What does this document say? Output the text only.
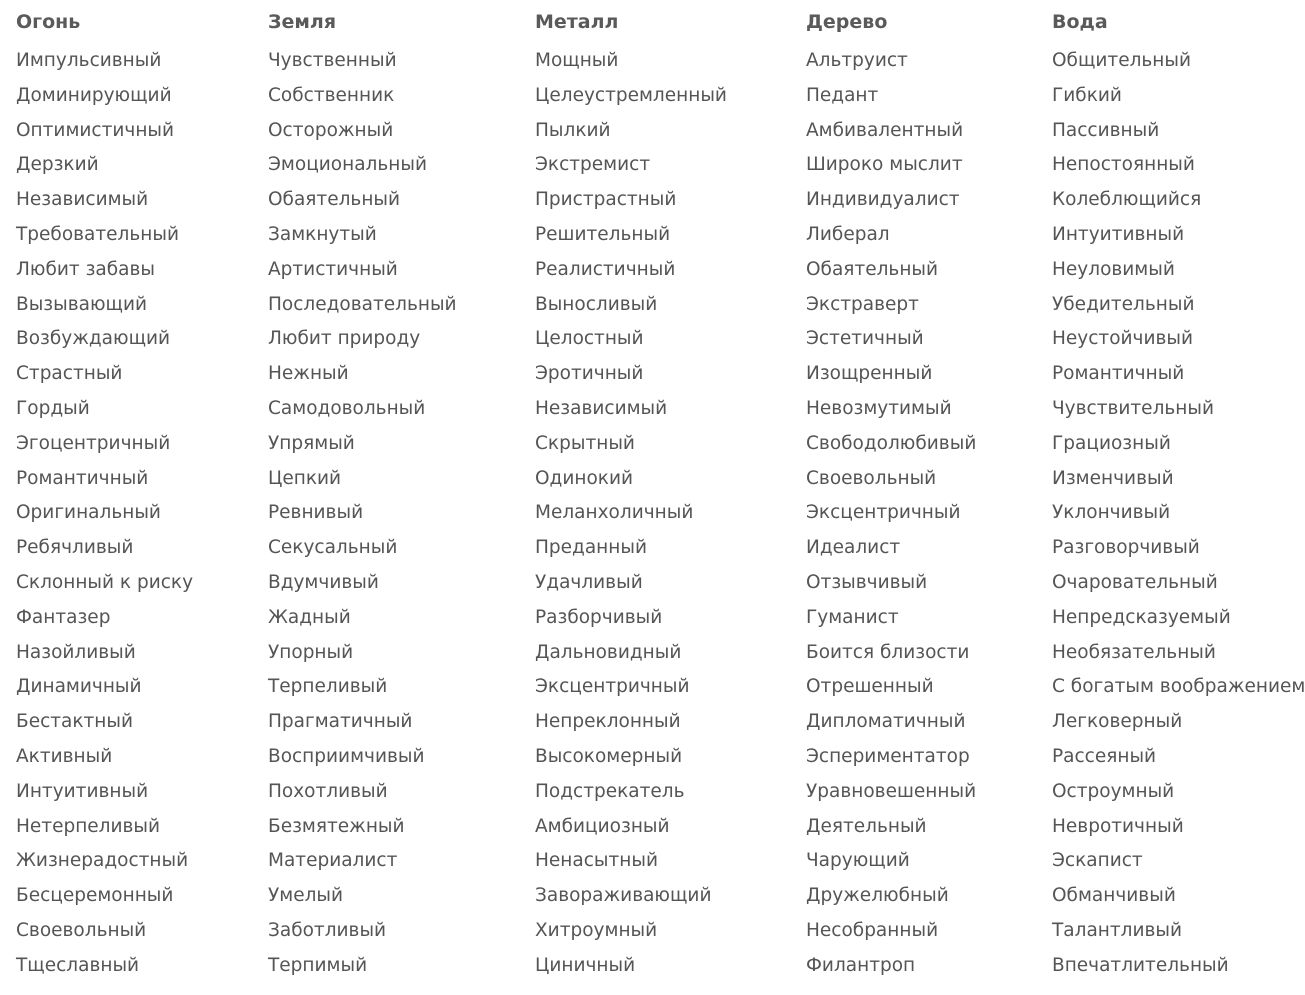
Огонь
Импульсивный
Доминирующий
Оптимистичный
Дерзкий
Независимый
Требовательный
Любит забавы
Вызывающий
Возбуждающий
Страстный
Гордый
Эгоцентричный
Романтичный
Оригинальный
Ребячливый
Склонный к риску
Фантазер
Назойливый
Динамичный
Бестактный
Активный
Интуитивный
Нетерпеливый
Жизнерадостный
Бесцеремонный
Своевольный
Тщеславный
Земля
Чувственный
Собственник
Осторожный
Эмоциональный
Обаятельный
Замкнутый
Артистичный
Последовательный
Любит природу
Нежный
Самодовольный
Упрямый
Цепкий
Ревнивый
Секусальный
Вдумчивый
Жадный
Упорный
Терпеливый
Прагматичный
Восприимчивый
Похотливый
Безмятежный
Материалист
Умелый
Заботливый
Терпимый
Металл
Мощный
Целеустремленный
Пылкий
Экстремист
Пристрастный
Решительный
Реалистичный
Выносливый
Целостный
Эротичный
Независимый
Скрытный
Одинокий
Меланхоличный
Преданный
Удачливый
Разборчивый
Дальновидный
Эксцентричный
Непреклонный
Высокомерный
Подстрекатель
Амбициозный
Ненасытный
Завораживающий
Хитроумный
Циничный
Дерево
Альтруист
Педант
Амбивалентный
Широко мыслит
Индивидуалист
Либерал
Обаятельный
Экстраверт
Эстетичный
Изощренный
Невозмутимый
Свободолюбивый
Своевольный
Эксцентричный
Идеалист
Отзывчивый
Гуманист
Боится близости
Отрешенный
Дипломатичный
Эспериментатор
Уравновешенный
Деятельный
Чарующий
Дружелюбный
Несобранный
Филантроп
Вода
Общительный
Гибкий
Пассивный
Непостоянный
Колеблющийся
Интуитивный
Неуловимый
Убедительный
Неустойчивый
Романтичный
Чувствительный
Грациозный
Изменчивый
Уклончивый
Разговорчивый
Очаровательный
Непредсказуемый
Необязательный
С богатым воображением
Легковерный
Рассеяный
Остроумный
Невротичный
Эскапист
Обманчивый
Талантливый
Впечатлительный
